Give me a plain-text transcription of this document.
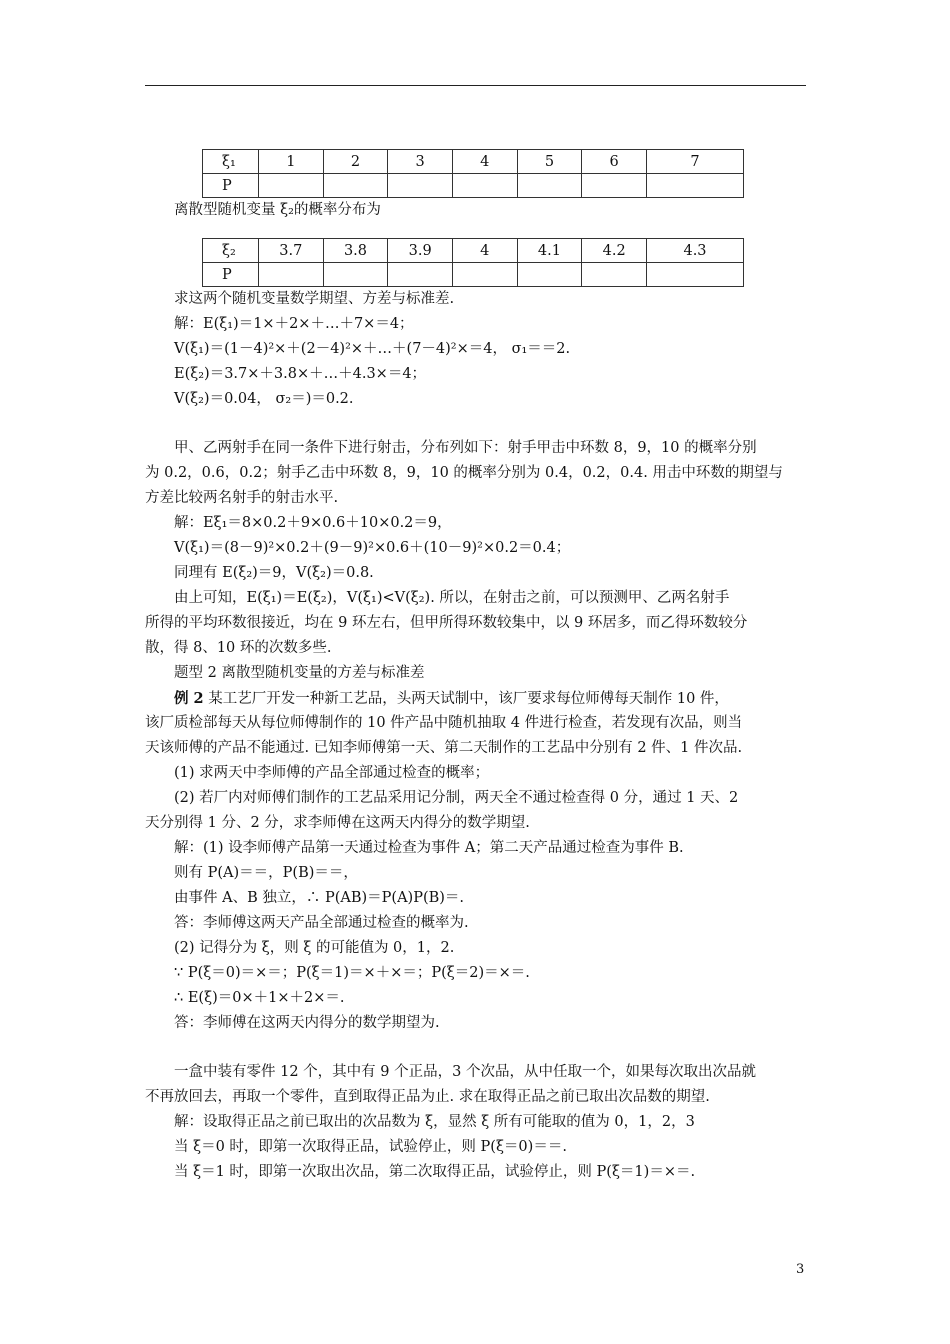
ξ₁	1	2	3	4	5	6	7
P							
离散型随机变量 ξ₂的概率分布为
ξ₂	3.7	3.8	3.9	4	4.1	4.2	4.3
P							
求这两个随机变量数学期望、方差与标准差.
解：E(ξ₁)＝1×＋2×＋…＋7×＝4；
V(ξ₁)＝(1－4)²×＋(2－4)²×＋…＋(7－4)²×＝4， σ₁＝＝2.
E(ξ₂)＝3.7×＋3.8×＋…＋4.3×＝4；
V(ξ₂)＝0.04， σ₂＝)＝0.2.
甲、乙两射手在同一条件下进行射击，分布列如下：射手甲击中环数 8，9，10 的概率分别
为 0.2，0.6，0.2；射手乙击中环数 8，9，10 的概率分别为 0.4，0.2，0.4. 用击中环数的期望与
方差比较两名射手的射击水平.
解：Eξ₁＝8×0.2＋9×0.6＋10×0.2＝9，
V(ξ₁)＝(8－9)²×0.2＋(9－9)²×0.6＋(10－9)²×0.2＝0.4；
同理有 E(ξ₂)＝9，V(ξ₂)＝0.8.
由上可知，E(ξ₁)＝E(ξ₂)，V(ξ₁)<V(ξ₂). 所以，在射击之前，可以预测甲、乙两名射手
所得的平均环数很接近，均在 9 环左右，但甲所得环数较集中，以 9 环居多，而乙得环数较分
散，得 8、10 环的次数多些.
题型 2 离散型随机变量的方差与标准差
例 2 某工艺厂开发一种新工艺品，头两天试制中，该厂要求每位师傅每天制作 10 件，
该厂质检部每天从每位师傅制作的 10 件产品中随机抽取 4 件进行检查，若发现有次品，则当
天该师傅的产品不能通过. 已知李师傅第一天、第二天制作的工艺品中分别有 2 件、1 件次品.
(1) 求两天中李师傅的产品全部通过检查的概率；
(2) 若厂内对师傅们制作的工艺品采用记分制，两天全不通过检查得 0 分，通过 1 天、2
天分别得 1 分、2 分，求李师傅在这两天内得分的数学期望.
解：(1) 设李师傅产品第一天通过检查为事件 A；第二天产品通过检查为事件 B.
则有 P(A)＝＝，P(B)＝＝，
由事件 A、B 独立，∴ P(AB)＝P(A)P(B)＝.
答：李师傅这两天产品全部通过检查的概率为.
(2) 记得分为 ξ，则 ξ 的可能值为 0，1，2.
∵ P(ξ＝0)＝×＝；P(ξ＝1)＝×＋×＝；P(ξ＝2)＝×＝.
∴ E(ξ)＝0×＋1×＋2×＝.
答：李师傅在这两天内得分的数学期望为.
一盒中装有零件 12 个，其中有 9 个正品，3 个次品，从中任取一个，如果每次取出次品就
不再放回去，再取一个零件，直到取得正品为止. 求在取得正品之前已取出次品数的期望.
解：设取得正品之前已取出的次品数为 ξ，显然 ξ 所有可能取的值为 0，1，2，3
当 ξ＝0 时，即第一次取得正品，试验停止，则 P(ξ＝0)＝＝.
当 ξ＝1 时，即第一次取出次品，第二次取得正品，试验停止，则 P(ξ＝1)＝×＝.
3
